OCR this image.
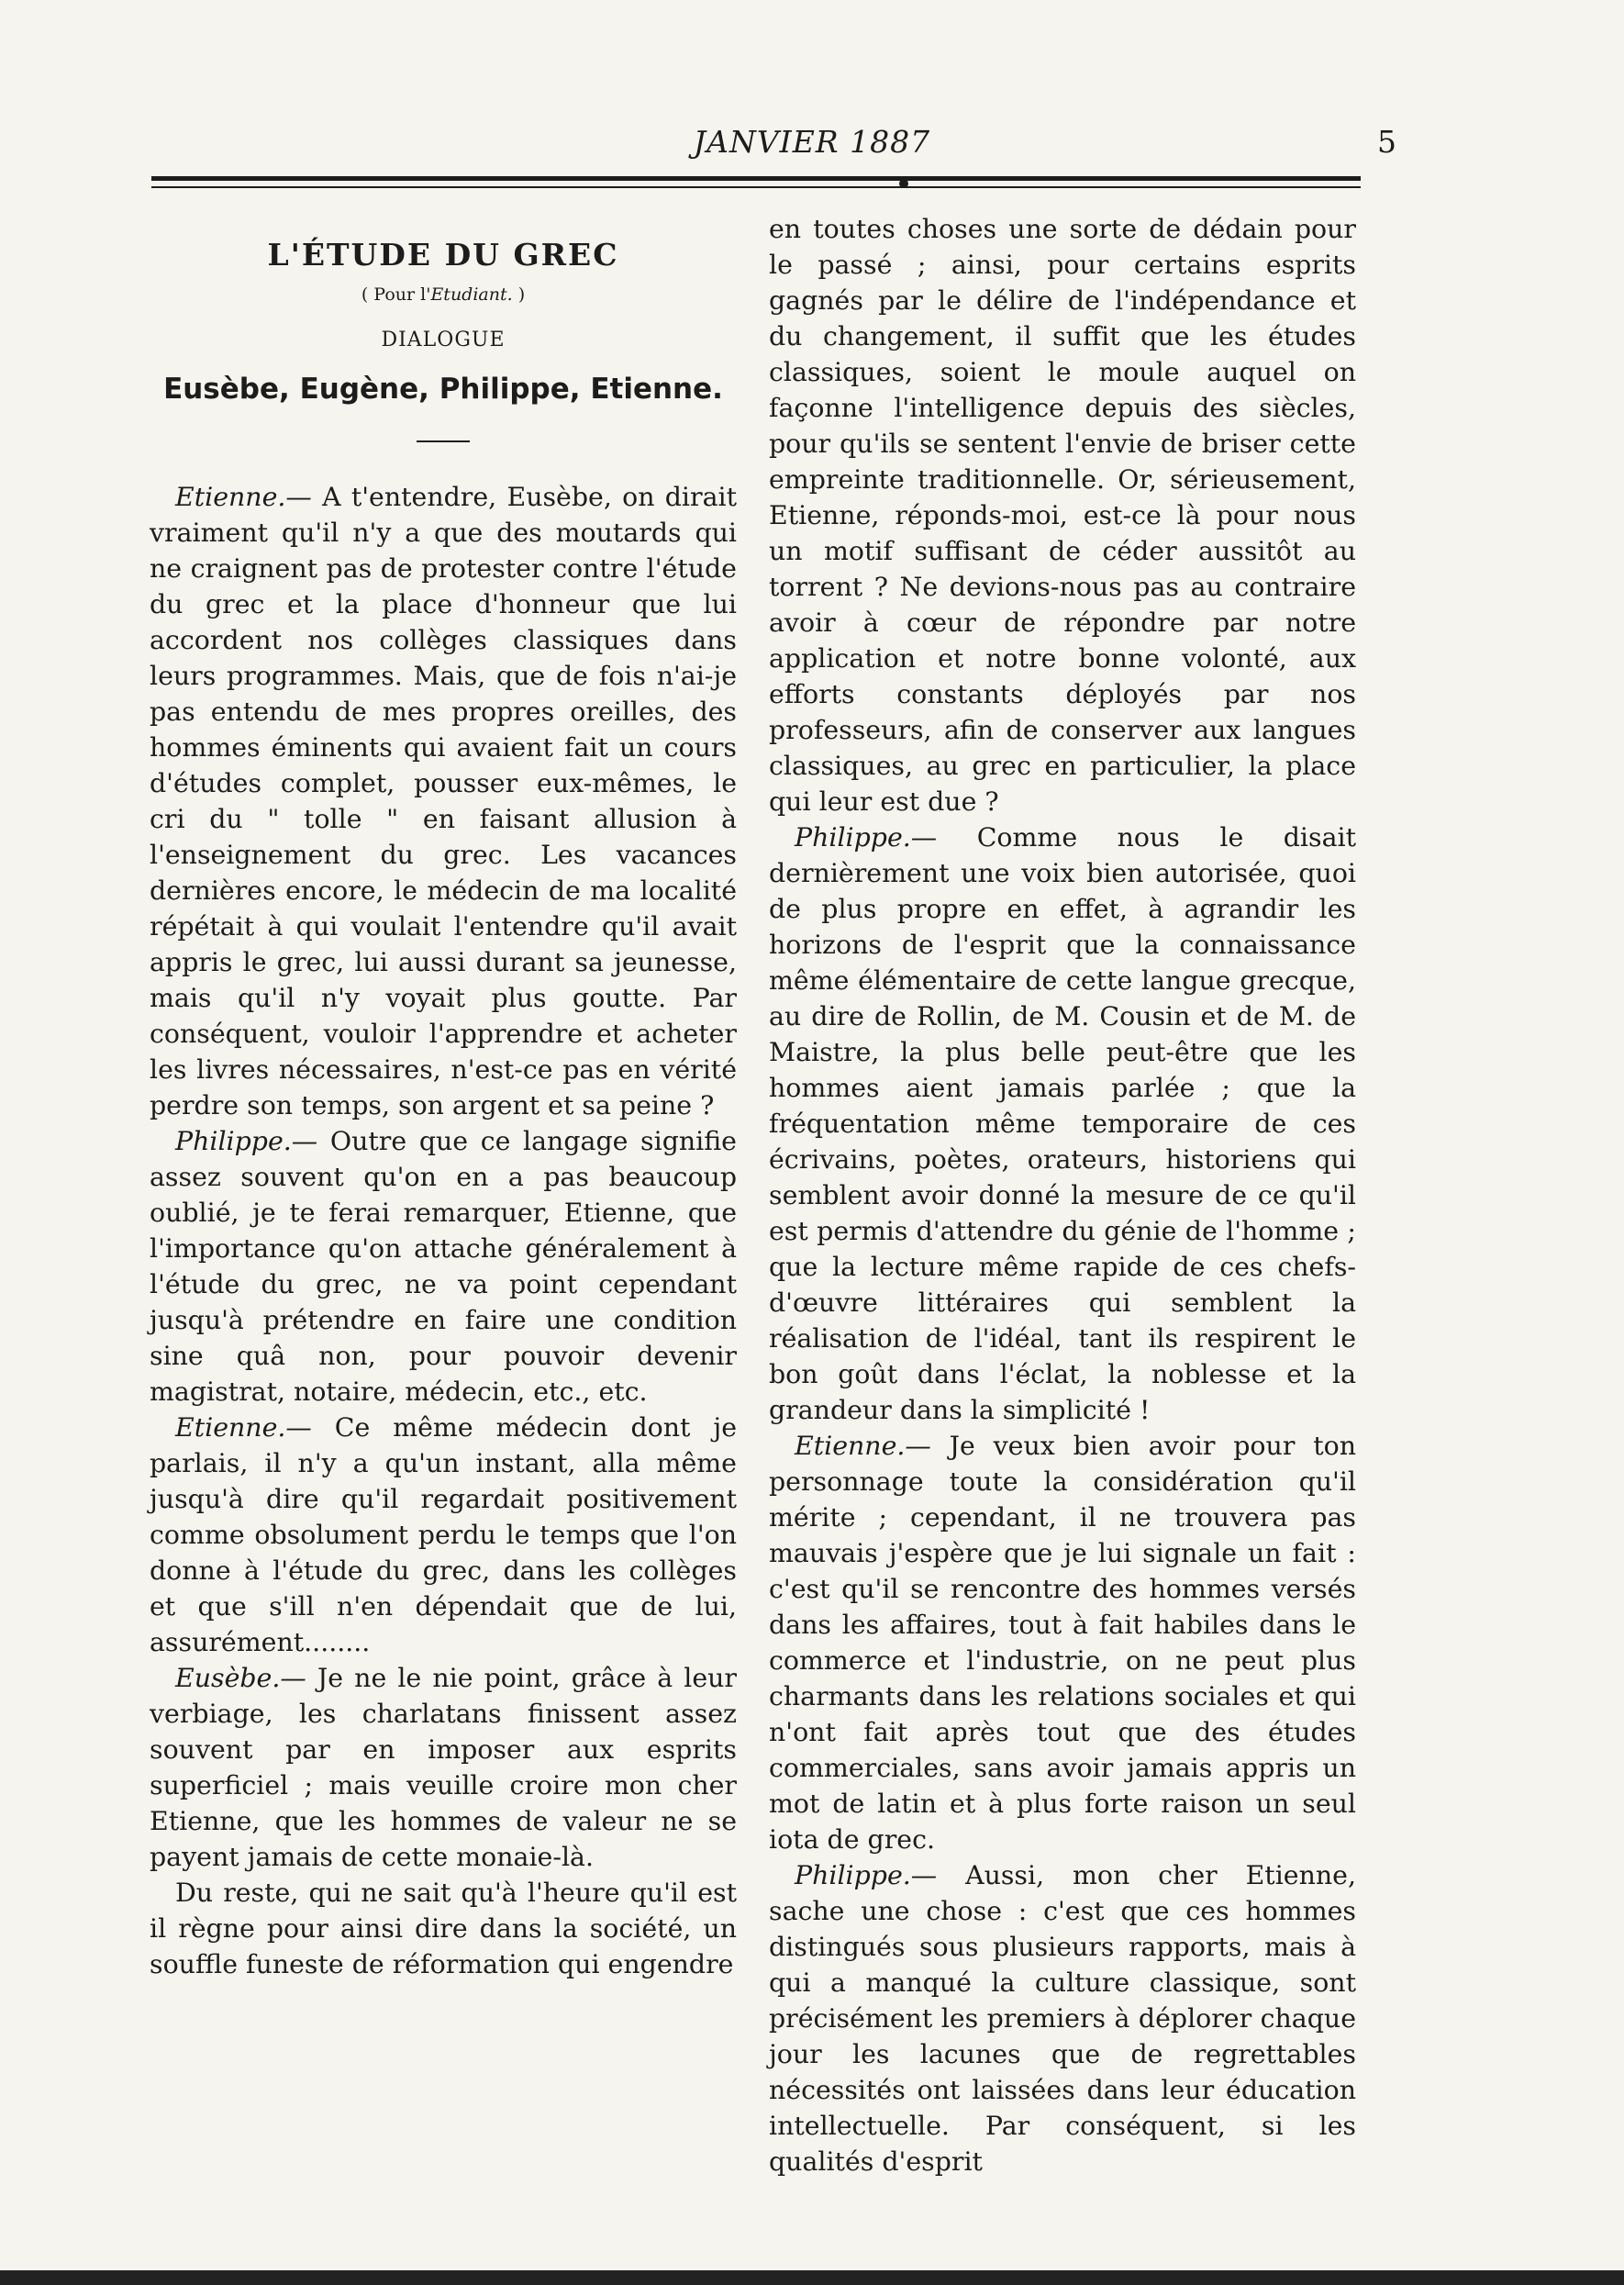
JANVIER 1887	5
L'ÉTUDE DU GREC
( Pour l'Etudiant. )
DIALOGUE
Eusèbe, Eugène, Philippe, Etienne.

Etienne.— A t'entendre, Eusèbe, on dirait vraiment qu'il n'y a que des moutards qui ne craignent pas de protester contre l'étude du grec et la place d'honneur que lui accordent nos collèges classiques dans leurs programmes. Mais, que de fois n'ai-je pas entendu de mes propres oreilles, des hommes éminents qui avaient fait un cours d'études complet, pousser eux-mêmes, le cri du " tolle " en faisant allusion à l'enseignement du grec. Les vacances dernières encore, le médecin de ma localité répétait à qui voulait l'entendre qu'il avait appris le grec, lui aussi durant sa jeunesse, mais qu'il n'y voyait plus goutte. Par conséquent, vouloir l'apprendre et acheter les livres nécessaires, n'est-ce pas en vérité perdre son temps, son argent et sa peine ?

Philippe.— Outre que ce langage signifie assez souvent qu'on en a pas beaucoup oublié, je te ferai remarquer, Etienne, que l'importance qu'on attache généralement à l'étude du grec, ne va point cependant jusqu'à prétendre en faire une condition sine quâ non, pour pouvoir devenir magistrat, notaire, médecin, etc., etc.

Etienne.— Ce même médecin dont je parlais, il n'y a qu'un instant, alla même jusqu'à dire qu'il regardait positivement comme obsolument perdu le temps que l'on donne à l'étude du grec, dans les collèges et que s'ill n'en dépendait que de lui, assurément........

Eusèbe.— Je ne le nie point, grâce à leur verbiage, les charlatans finissent assez souvent par en imposer aux esprits superficiel ; mais veuille croire mon cher Etienne, que les hommes de valeur ne se payent jamais de cette monaie-là.

Du reste, qui ne sait qu'à l'heure qu'il est il règne pour ainsi dire dans la société, un souffle funeste de réformation qui engendre

en toutes choses une sorte de dédain pour le passé ; ainsi, pour certains esprits gagnés par le délire de l'indépendance et du changement, il suffit que les études classiques, soient le moule auquel on façonne l'intelligence depuis des siècles, pour qu'ils se sentent l'envie de briser cette empreinte traditionnelle. Or, sérieusement, Etienne, réponds-moi, est-ce là pour nous un motif suffisant de céder aussitôt au torrent ? Ne devions-nous pas au contraire avoir à cœur de répondre par notre application et notre bonne volonté, aux efforts constants déployés par nos professeurs, afin de conserver aux langues classiques, au grec en particulier, la place qui leur est due ?

Philippe.— Comme nous le disait dernièrement une voix bien autorisée, quoi de plus propre en effet, à agrandir les horizons de l'esprit que la connaissance même élémentaire de cette langue grecque, au dire de Rollin, de M. Cousin et de M. de Maistre, la plus belle peut-être que les hommes aient jamais parlée ; que la fréquentation même temporaire de ces écrivains, poètes, orateurs, historiens qui semblent avoir donné la mesure de ce qu'il est permis d'attendre du génie de l'homme ; que la lecture même rapide de ces chefs-d'œuvre littéraires qui semblent la réalisation de l'idéal, tant ils respirent le bon goût dans l'éclat, la noblesse et la grandeur dans la simplicité !

Etienne.— Je veux bien avoir pour ton personnage toute la considération qu'il mérite ; cependant, il ne trouvera pas mauvais j'espère que je lui signale un fait : c'est qu'il se rencontre des hommes versés dans les affaires, tout à fait habiles dans le commerce et l'industrie, on ne peut plus charmants dans les relations sociales et qui n'ont fait après tout que des études commerciales, sans avoir jamais appris un mot de latin et à plus forte raison un seul iota de grec.

Philippe.— Aussi, mon cher Etienne, sache une chose : c'est que ces hommes distingués sous plusieurs rapports, mais à qui a manqué la culture classique, sont précisément les premiers à déplorer chaque jour les lacunes que de regrettables nécessités ont laissées dans leur éducation intellectuelle. Par conséquent, si les qualités d'esprit
